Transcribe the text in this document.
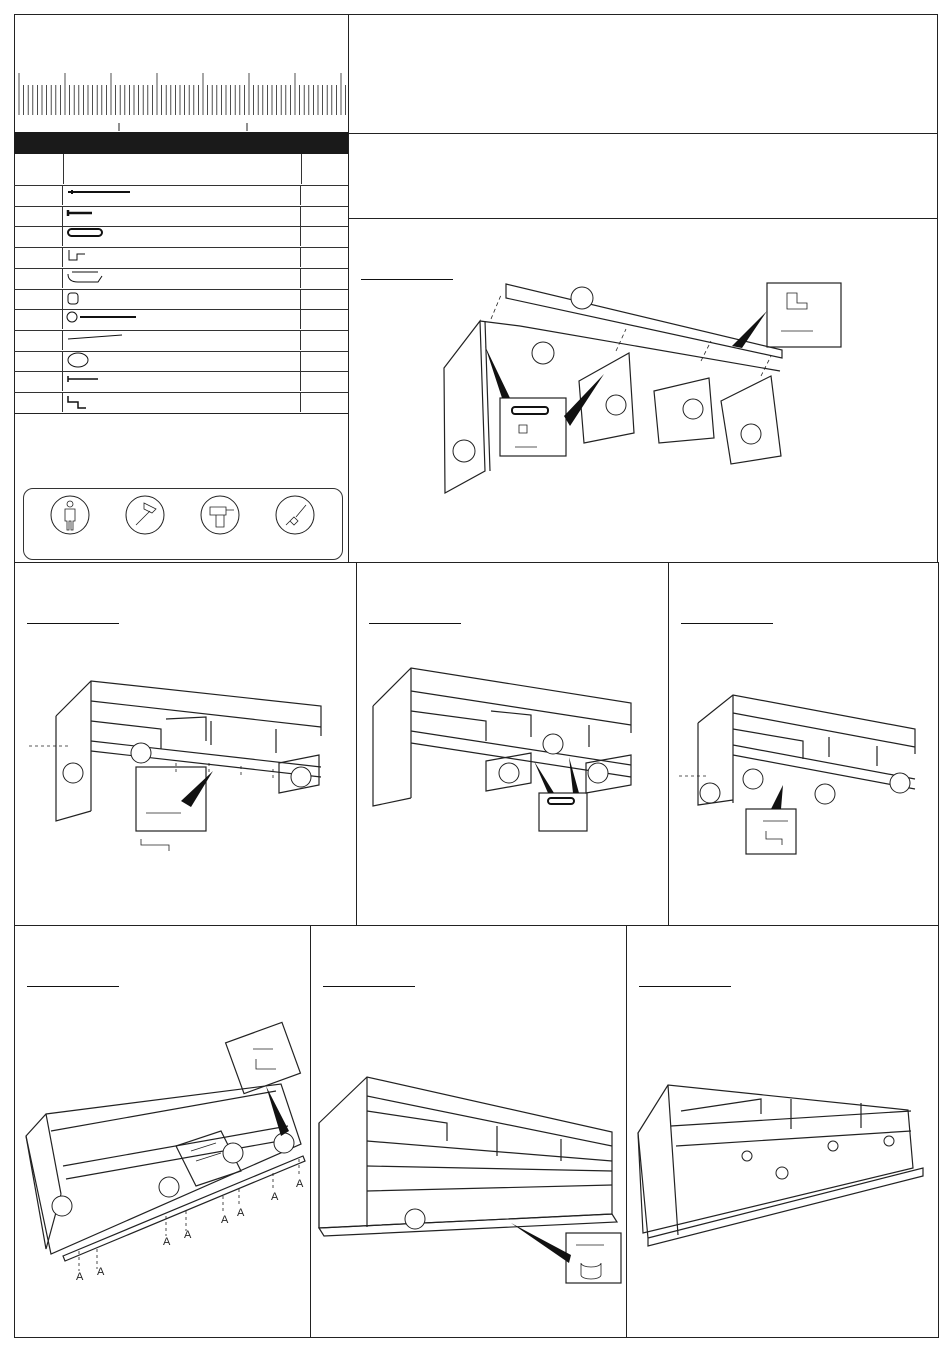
A A
A
A
A
A
A
A
